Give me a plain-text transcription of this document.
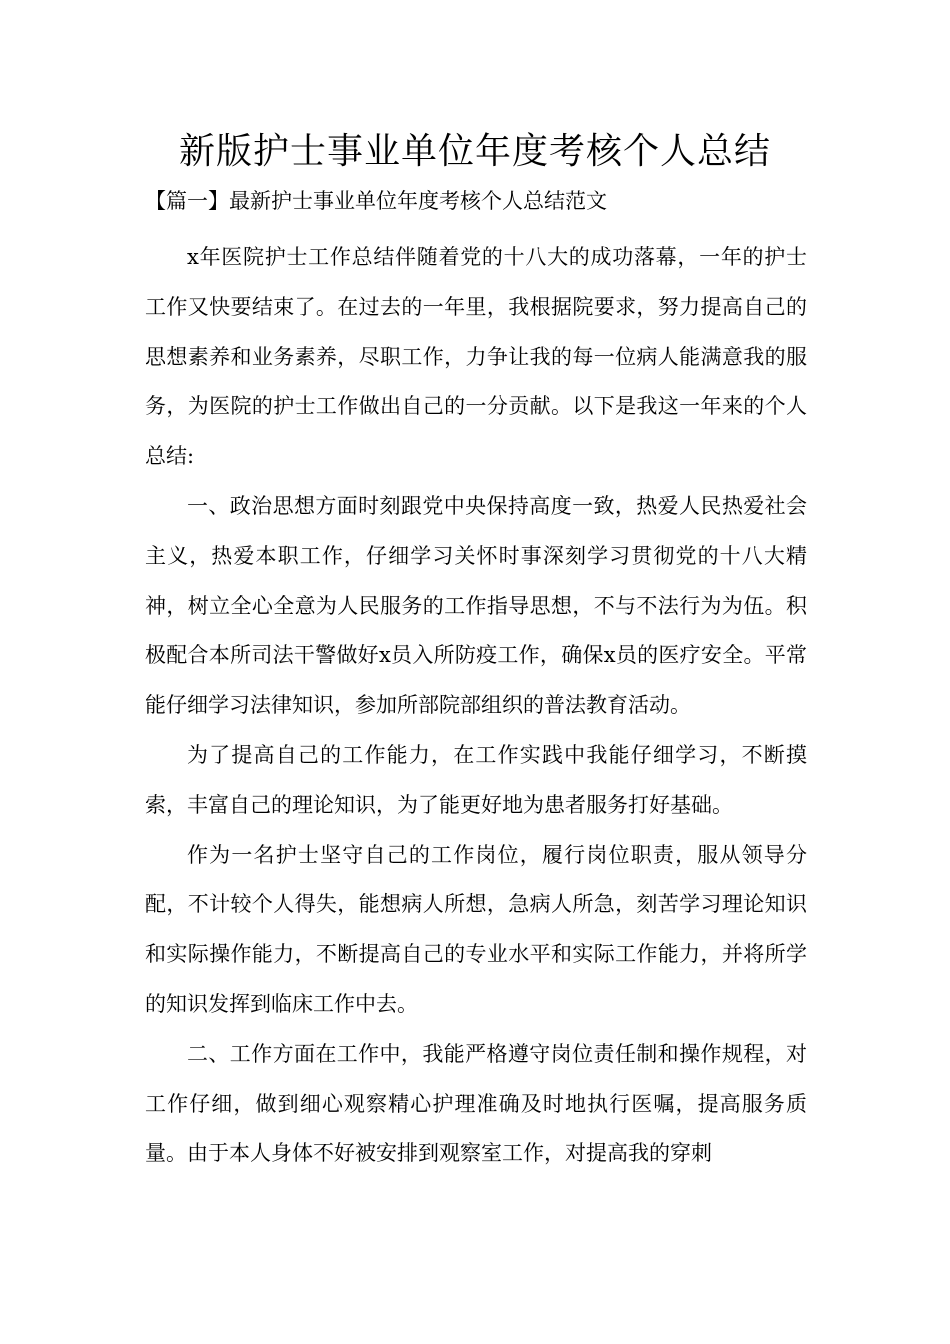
新版护士事业单位年度考核个人总结
【篇一】最新护士事业单位年度考核个人总结范文

x年医院护士工作总结伴随着党的十八大的成功落幕，一年的护士工作又快要结束了。在过去的一年里，我根据院要求，努力提高自己的思想素养和业务素养，尽职工作，力争让我的每一位病人能满意我的服务，为医院的护士工作做出自己的一分贡献。以下是我这一年来的个人总结:

一、政治思想方面时刻跟党中央保持高度一致，热爱人民热爱社会主义，热爱本职工作，仔细学习关怀时事深刻学习贯彻党的十八大精神，树立全心全意为人民服务的工作指导思想，不与不法行为为伍。积极配合本所司法干警做好x员入所防疫工作，确保x员的医疗安全。平常能仔细学习法律知识，参加所部院部组织的普法教育活动。

为了提高自己的工作能力，在工作实践中我能仔细学习，不断摸索，丰富自己的理论知识，为了能更好地为患者服务打好基础。

作为一名护士坚守自己的工作岗位，履行岗位职责，服从领导分配，不计较个人得失，能想病人所想，急病人所急，刻苦学习理论知识和实际操作能力，不断提高自己的专业水平和实际工作能力，并将所学的知识发挥到临床工作中去。

二、工作方面在工作中，我能严格遵守岗位责任制和操作规程，对工作仔细，做到细心观察精心护理准确及时地执行医嘱，提高服务质量。由于本人身体不好被安排到观察室工作，对提高我的穿刺
